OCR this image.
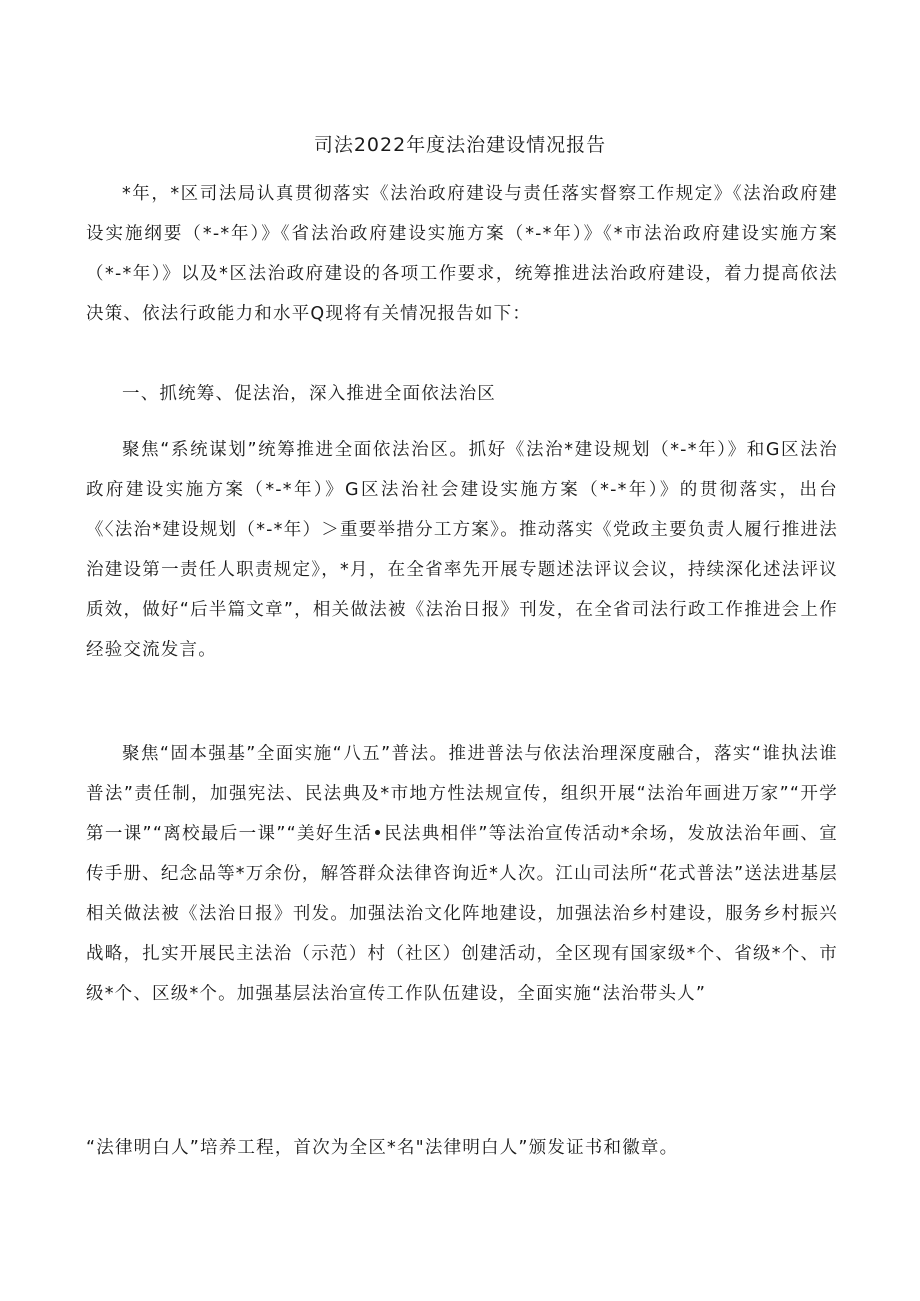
司法2022年度法治建设情况报告
*年，*区司法局认真贯彻落实《法治政府建设与责任落实督察工作规定》《法治政府建设实施纲要（*-*年）》《省法治政府建设实施方案（*-*年）》《*市法治政府建设实施方案（*-*年）》以及*区法治政府建设的各项工作要求，统筹推进法治政府建设，着力提高依法决策、依法行政能力和水平Q现将有关情况报告如下：
一、抓统筹、促法治，深入推进全面依法治区
聚焦“系统谋划”统筹推进全面依法治区。抓好《法治*建设规划（*-*年）》和G区法治政府建设实施方案（*-*年）》G区法治社会建设实施方案（*-*年）》的贯彻落实，出台《〈法治*建设规划（*-*年）＞重要举措分工方案》。推动落实《党政主要负责人履行推进法治建设第一责任人职责规定》，*月，在全省率先开展专题述法评议会议，持续深化述法评议质效，做好“后半篇文章”，相关做法被《法治日报》刊发，在全省司法行政工作推进会上作经验交流发言。
聚焦“固本强基”全面实施“八五”普法。推进普法与依法治理深度融合，落实“谁执法谁普法”责任制，加强宪法、民法典及*市地方性法规宣传，组织开展“法治年画进万家”“开学第一课”“离校最后一课”“美好生活•民法典相伴”等法治宣传活动*余场，发放法治年画、宣传手册、纪念品等*万余份，解答群众法律咨询近*人次。江山司法所“花式普法”送法进基层相关做法被《法治日报》刊发。加强法治文化阵地建设，加强法治乡村建设，服务乡村振兴战略，扎实开展民主法治（示范）村（社区）创建活动，全区现有国家级*个、省级*个、市级*个、区级*个。加强基层法治宣传工作队伍建设，全面实施“法治带头人”
“法律明白人”培养工程，首次为全区*名"法律明白人”颁发证书和徽章。
